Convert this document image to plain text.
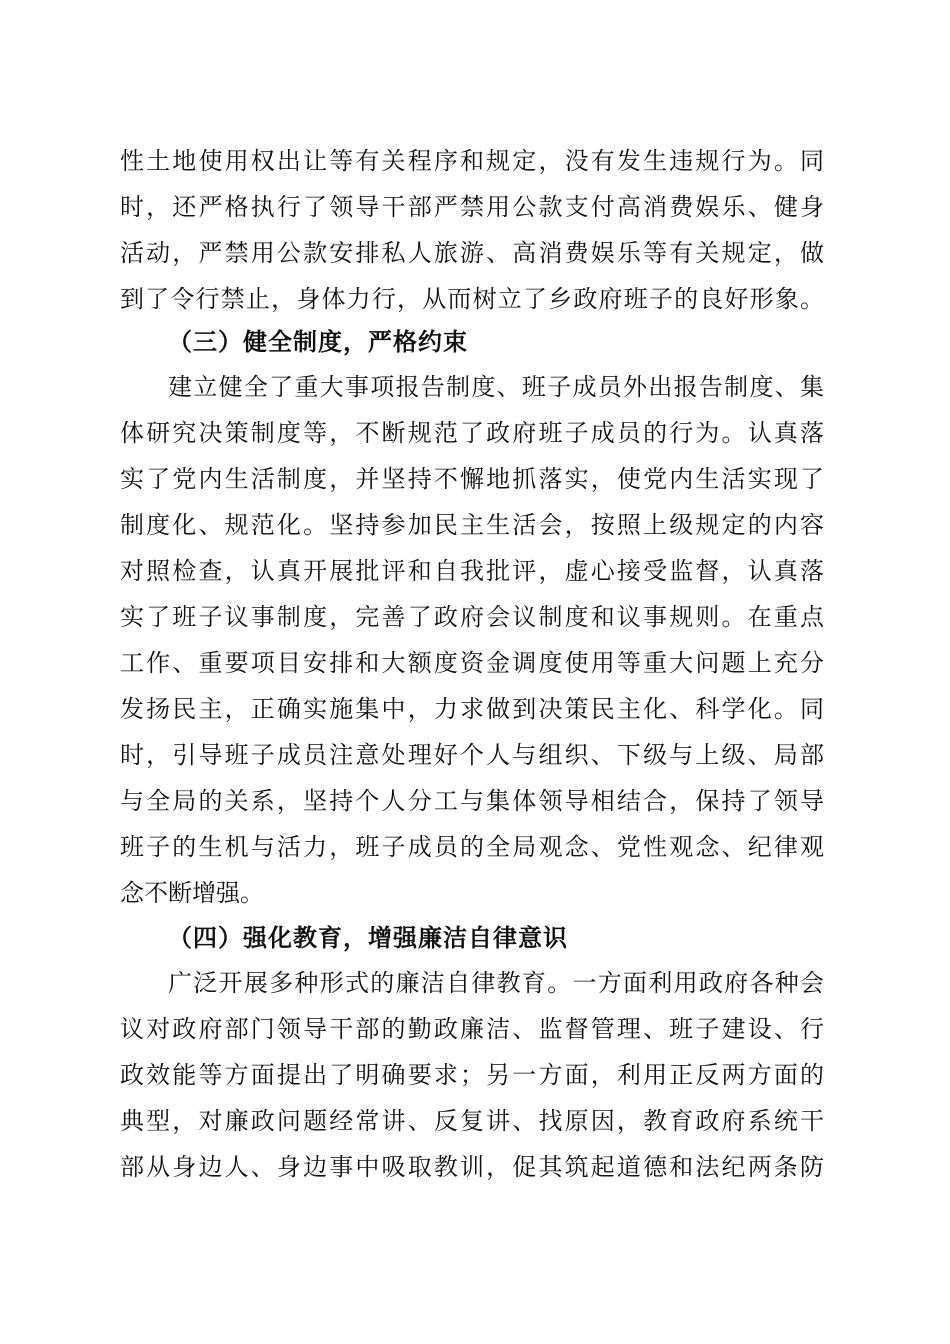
性土地使用权出让等有关程序和规定，没有发生违规行为。同
时，还严格执行了领导干部严禁用公款支付高消费娱乐、健身
活动，严禁用公款安排私人旅游、高消费娱乐等有关规定，做
到了令行禁止，身体力行，从而树立了乡政府班子的良好形象。
（三）健全制度，严格约束
建立健全了重大事项报告制度、班子成员外出报告制度、集
体研究决策制度等，不断规范了政府班子成员的行为。认真落
实了党内生活制度，并坚持不懈地抓落实，使党内生活实现了
制度化、规范化。坚持参加民主生活会，按照上级规定的内容
对照检查，认真开展批评和自我批评，虚心接受监督，认真落
实了班子议事制度，完善了政府会议制度和议事规则。在重点
工作、重要项目安排和大额度资金调度使用等重大问题上充分
发扬民主，正确实施集中，力求做到决策民主化、科学化。同
时，引导班子成员注意处理好个人与组织、下级与上级、局部
与全局的关系，坚持个人分工与集体领导相结合，保持了领导
班子的生机与活力，班子成员的全局观念、党性观念、纪律观
念不断增强。
（四）强化教育，增强廉洁自律意识
广泛开展多种形式的廉洁自律教育。一方面利用政府各种会
议对政府部门领导干部的勤政廉洁、监督管理、班子建设、行
政效能等方面提出了明确要求；另一方面，利用正反两方面的
典型，对廉政问题经常讲、反复讲、找原因，教育政府系统干
部从身边人、身边事中吸取教训，促其筑起道德和法纪两条防
